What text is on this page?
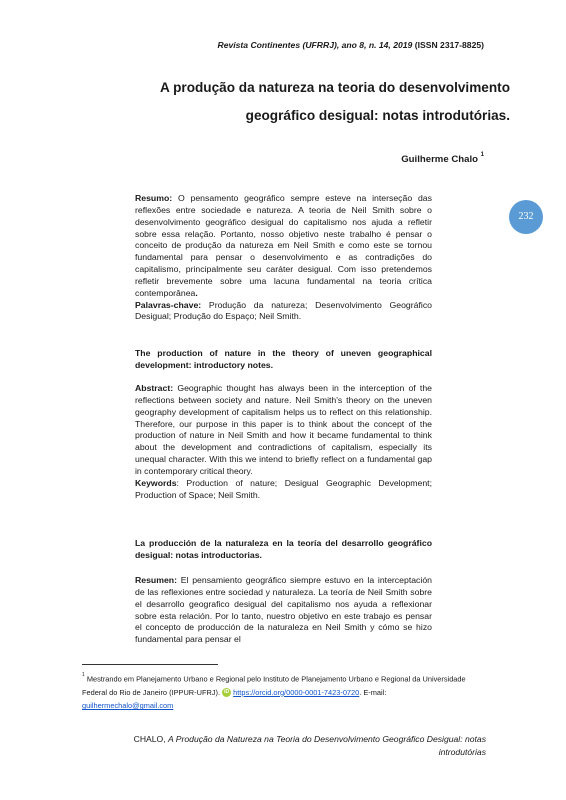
Revista Continentes (UFRRJ), ano 8, n. 14, 2019 (ISSN 2317-8825)
A produção da natureza na teoria do desenvolvimento
geográfico desigual: notas introdutórias.
Guilherme Chalo $^1$
232

Resumo: O pensamento geográfico sempre esteve na interseção das reflexões entre sociedade e natureza. A teoria de Neil Smith sobre o desenvolvimento geográfico desigual do capitalismo nos ajuda a refletir sobre essa relação. Portanto, nosso objetivo neste trabalho é pensar o conceito de produção da natureza em Neil Smith e como este se tornou fundamental para pensar o desenvolvimento e as contradições do capitalismo, principalmente seu caráter desigual. Com isso pretendemos refletir brevemente sobre uma lacuna fundamental na teoria crítica contemporânea.

Palavras-chave: Produção da natureza; Desenvolvimento Geográfico Desigual; Produção do Espaço; Neil Smith.

The production of nature in the theory of uneven geographical development: introductory notes.

Abstract: Geographic thought has always been in the interception of the reflections between society and nature. Neil Smith's theory on the uneven geography development of capitalism helps us to reflect on this relationship. Therefore, our purpose in this paper is to think about the concept of the production of nature in Neil Smith and how it became fundamental to think about the development and contradictions of capitalism, especially its unequal character. With this we intend to briefly reflect on a fundamental gap in contemporary critical theory.

Keywords: Production of nature; Desigual Geographic Development; Production of Space; Neil Smith.

La producción de la naturaleza en la teoría del desarrollo geográfico desigual: notas introductorias.

Resumen: El pensamiento geográfico siempre estuvo en la interceptación de las reflexiones entre sociedad y naturaleza. La teoría de Neil Smith sobre el desarrollo geografico desigual del capitalismo nos ayuda a reflexionar sobre esta relación. Por lo tanto, nuestro objetivo en este trabajo es pensar el concepto de producción de la naturaleza en Neil Smith y cómo se hizo fundamental para pensar el

$^1$ Mestrando em Planejamento Urbano e Regional pelo Instituto de Planejamento Urbano e Regional da Universidade Federal do Rio de Janeiro (IPPUR-UFRJ). iD https://orcid.org/0000-0001-7423-0720. E-mail:
guilhermechalo@gmail.com
CHALO, A Produção da Natureza na Teoria do Desenvolvimento Geográfico Desigual: notas introdutórias
